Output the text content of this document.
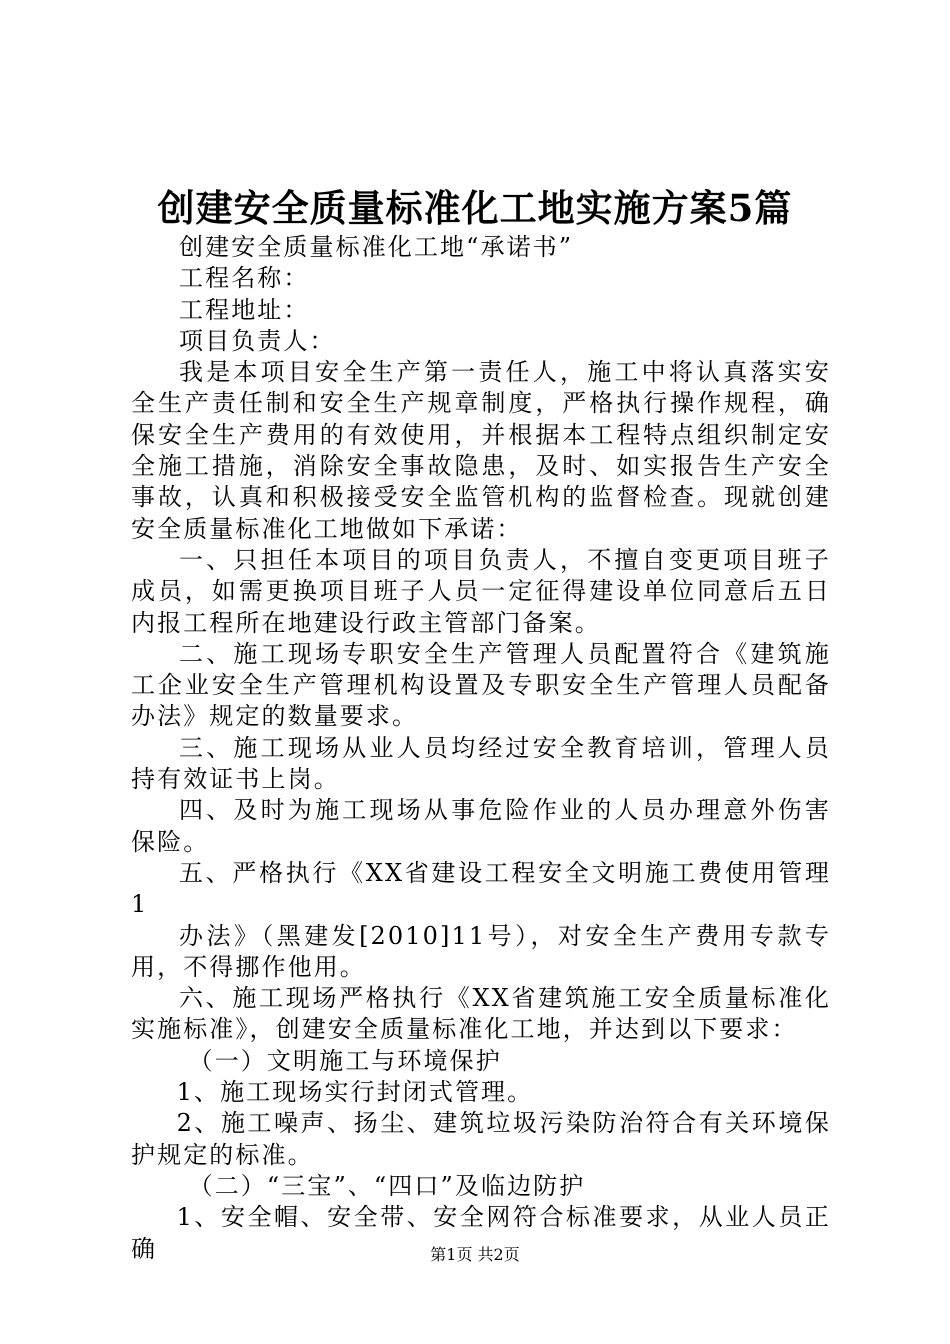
创建安全质量标准化工地实施方案5篇

创建安全质量标准化工地“承诺书”

工程名称：

工程地址：

项目负责人：

我是本项目安全生产第一责任人，施工中将认真落实安全生产责任制和安全生产规章制度，严格执行操作规程，确保安全生产费用的有效使用，并根据本工程特点组织制定安全施工措施，消除安全事故隐患，及时、如实报告生产安全事故，认真和积极接受安全监管机构的监督检查。现就创建安全质量标准化工地做如下承诺：

一、只担任本项目的项目负责人，不擅自变更项目班子成员，如需更换项目班子人员一定征得建设单位同意后五日内报工程所在地建设行政主管部门备案。

二、施工现场专职安全生产管理人员配置符合《建筑施工企业安全生产管理机构设置及专职安全生产管理人员配备办法》规定的数量要求。

三、施工现场从业人员均经过安全教育培训，管理人员持有效证书上岗。

四、及时为施工现场从事危险作业的人员办理意外伤害保险。

五、严格执行《XX省建设工程安全文明施工费使用管理1

办法》（黑建发[2010]11号），对安全生产费用专款专用，不得挪作他用。

六、施工现场严格执行《XX省建筑施工安全质量标准化实施标准》，创建安全质量标准化工地，并达到以下要求：

（一）文明施工与环境保护

1、施工现场实行封闭式管理。

2、施工噪声、扬尘、建筑垃圾污染防治符合有关环境保护规定的标准。

（二）“三宝”、“四口”及临边防护

1、安全帽、安全带、安全网符合标准要求，从业人员正确	第1页 共2页
